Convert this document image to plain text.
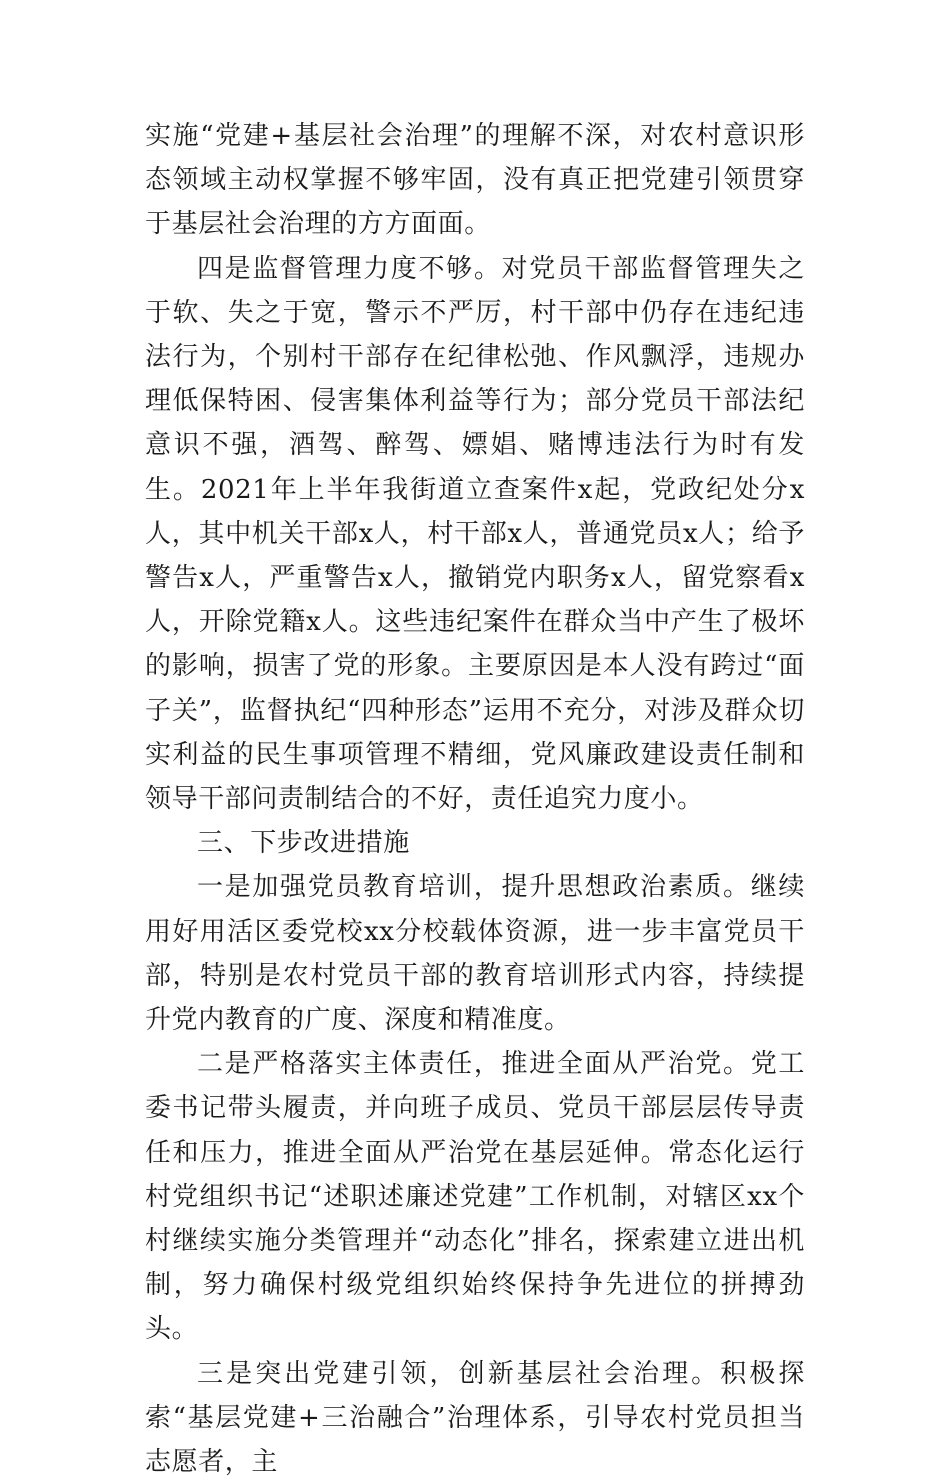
实施“党建+基层社会治理”的理解不深，对农村意识形态领域主动权掌握不够牢固，没有真正把党建引领贯穿于基层社会治理的方方面面。

四是监督管理力度不够。对党员干部监督管理失之于软、失之于宽，警示不严厉，村干部中仍存在违纪违法行为，个别村干部存在纪律松弛、作风飘浮，违规办理低保特困、侵害集体利益等行为；部分党员干部法纪意识不强，酒驾、醉驾、嫖娼、赌博违法行为时有发生。2021年上半年我街道立查案件x起，党政纪处分x人，其中机关干部x人，村干部x人，普通党员x人；给予警告x人，严重警告x人，撤销党内职务x人，留党察看x人，开除党籍x人。这些违纪案件在群众当中产生了极坏的影响，损害了党的形象。主要原因是本人没有跨过“面子关”，监督执纪“四种形态”运用不充分，对涉及群众切实利益的民生事项管理不精细，党风廉政建设责任制和领导干部问责制结合的不好，责任追究力度小。

三、下步改进措施

一是加强党员教育培训，提升思想政治素质。继续用好用活区委党校xx分校载体资源，进一步丰富党员干部，特别是农村党员干部的教育培训形式内容，持续提升党内教育的广度、深度和精准度。

二是严格落实主体责任，推进全面从严治党。党工委书记带头履责，并向班子成员、党员干部层层传导责任和压力，推进全面从严治党在基层延伸。常态化运行村党组织书记“述职述廉述党建”工作机制，对辖区xx个村继续实施分类管理并“动态化”排名，探索建立进出机制，努力确保村级党组织始终保持争先进位的拼搏劲头。

三是突出党建引领，创新基层社会治理。积极探索“基层党建+三治融合”治理体系，引导农村党员担当志愿者，主
